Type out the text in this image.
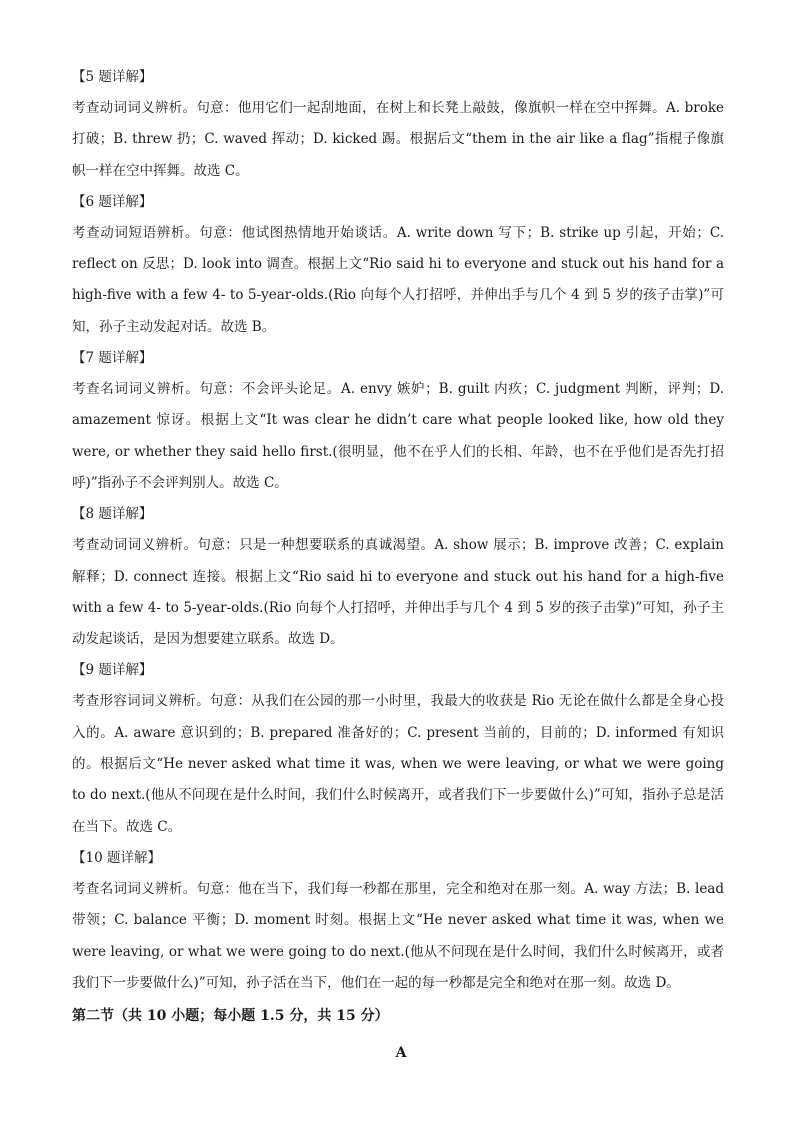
【5 题详解】

考查动词词义辨析。句意：他用它们一起刮地面，在树上和长凳上敲鼓，像旗帜一样在空中挥舞。A. broke 打破；B. threw 扔；C. waved 挥动；D. kicked 踢。根据后文“them in the air like a flag”指棍子像旗帜一样在空中挥舞。故选 C。

【6 题详解】

考查动词短语辨析。句意：他试图热情地开始谈话。A. write down 写下；B. strike up 引起，开始；C. reflect on 反思；D. look into 调查。根据上文“Rio said hi to everyone and stuck out his hand for a high-five with a few 4- to 5-year-olds.(Rio 向每个人打招呼，并伸出手与几个 4 到 5 岁的孩子击掌)”可知，孙子主动发起对话。故选 B。

【7 题详解】

考查名词词义辨析。句意：不会评头论足。A. envy 嫉妒；B. guilt 内疚；C. judgment 判断，评判；D. amazement 惊讶。根据上文“It was clear he didn’t care what people looked like, how old they were, or whether they said hello first.(很明显，他不在乎人们的长相、年龄，也不在乎他们是否先打招呼)”指孙子不会评判别人。故选 C。

【8 题详解】

考查动词词义辨析。句意：只是一种想要联系的真诚渴望。A. show 展示；B. improve 改善；C. explain 解释；D. connect 连接。根据上文“Rio said hi to everyone and stuck out his hand for a high-five with a few 4- to 5-year-olds.(Rio 向每个人打招呼，并伸出手与几个 4 到 5 岁的孩子击掌)”可知，孙子主动发起谈话，是因为想要建立联系。故选 D。

【9 题详解】

考查形容词词义辨析。句意：从我们在公园的那一小时里，我最大的收获是 Rio 无论在做什么都是全身心投入的。A. aware 意识到的；B. prepared 准备好的；C. present 当前的，目前的；D. informed 有知识的。根据后文“He never asked what time it was, when we were leaving, or what we were going to do next.(他从不问现在是什么时间，我们什么时候离开，或者我们下一步要做什么)”可知，指孙子总是活在当下。故选 C。

【10 题详解】

考查名词词义辨析。句意：他在当下，我们每一秒都在那里，完全和绝对在那一刻。A. way 方法；B. lead 带领；C. balance 平衡；D. moment 时刻。根据上文“He never asked what time it was, when we were leaving, or what we were going to do next.(他从不问现在是什么时间，我们什么时候离开，或者我们下一步要做什么)”可知，孙子活在当下，他们在一起的每一秒都是完全和绝对在那一刻。故选 D。

第二节（共 10 小题；每小题 1.5 分，共 15 分）
A
